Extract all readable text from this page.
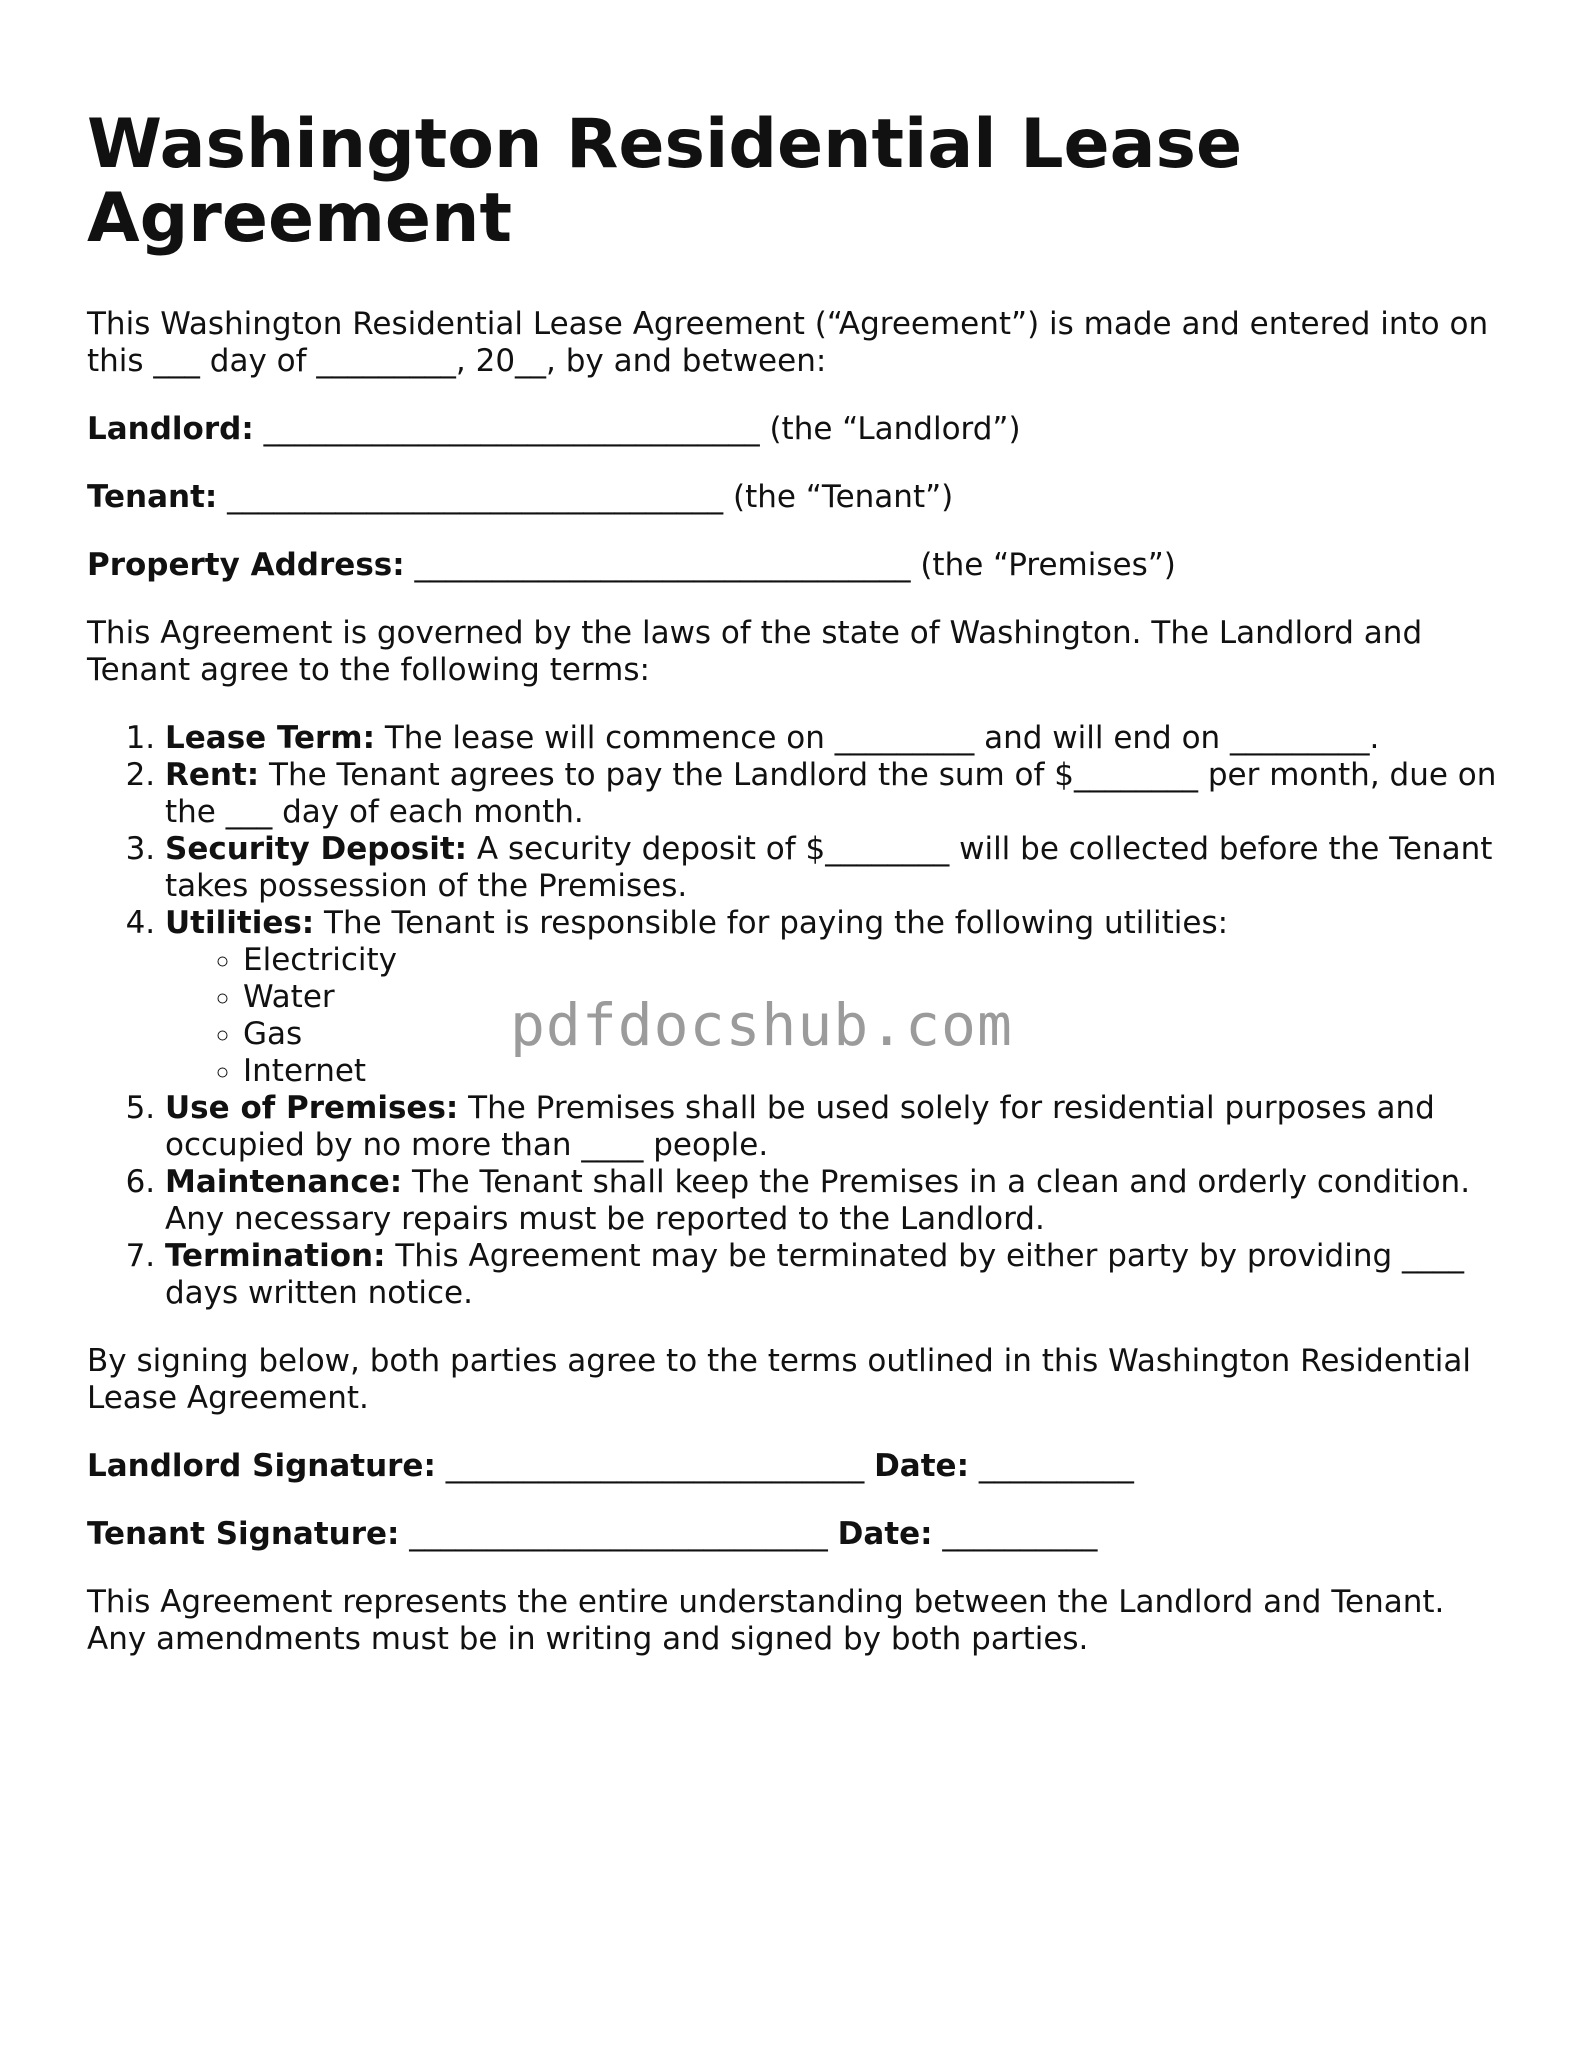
Washington Residential Lease Agreement

This Washington Residential Lease Agreement (“Agreement”) is made and entered into on this ___ day of _________, 20__, by and between:

Landlord: ________________________________ (the “Landlord”)

Tenant: ________________________________ (the “Tenant”)

Property Address: ________________________________ (the “Premises”)

This Agreement is governed by the laws of the state of Washington. The Landlord and Tenant agree to the following terms:

1. Lease Term: The lease will commence on _________ and will end on _________.
2. Rent: The Tenant agrees to pay the Landlord the sum of $________ per month, due on the ___ day of each month.
3. Security Deposit: A security deposit of $________ will be collected before the Tenant takes possession of the Premises.
4. Utilities: The Tenant is responsible for paying the following utilities:
◦ Electricity
◦ Water
◦ Gas
◦ Internet
5. Use of Premises: The Premises shall be used solely for residential purposes and occupied by no more than ____ people.
6. Maintenance: The Tenant shall keep the Premises in a clean and orderly condition. Any necessary repairs must be reported to the Landlord.
7. Termination: This Agreement may be terminated by either party by providing ____ days written notice.

By signing below, both parties agree to the terms outlined in this Washington Residential Lease Agreement.

Landlord Signature: ___________________________ Date: __________

Tenant Signature: ___________________________ Date: __________

This Agreement represents the entire understanding between the Landlord and Tenant. Any amendments must be in writing and signed by both parties.

pdfdocshub.com
